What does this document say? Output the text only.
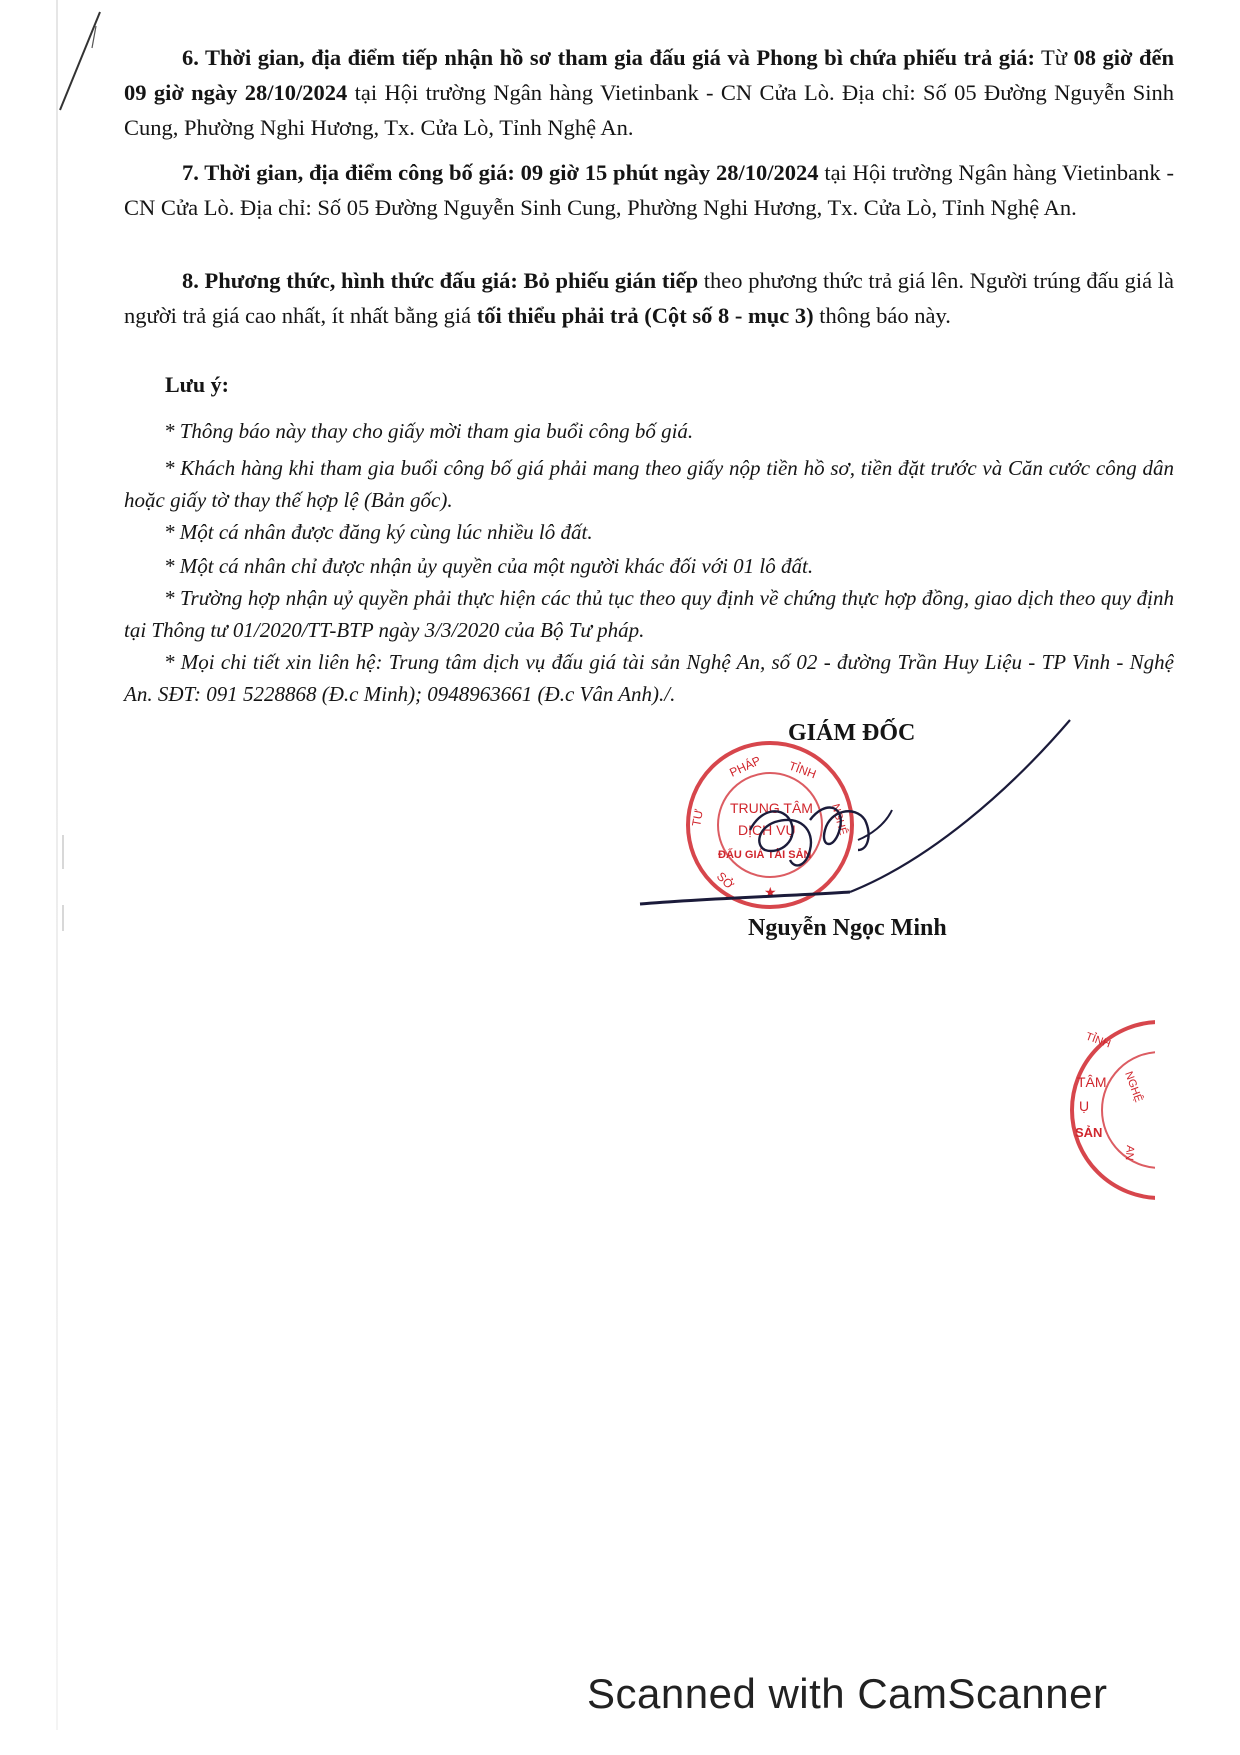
6. Thời gian, địa điểm tiếp nhận hồ sơ tham gia đấu giá và Phong bì chứa phiếu trả giá: Từ 08 giờ đến 09 giờ ngày 28/10/2024 tại Hội trường Ngân hàng Vietinbank - CN Cửa Lò. Địa chỉ: Số 05 Đường Nguyễn Sinh Cung, Phường Nghi Hương, Tx. Cửa Lò, Tỉnh Nghệ An.

7. Thời gian, địa điểm công bố giá: 09 giờ 15 phút ngày 28/10/2024 tại Hội trường Ngân hàng Vietinbank - CN Cửa Lò. Địa chỉ: Số 05 Đường Nguyễn Sinh Cung, Phường Nghi Hương, Tx. Cửa Lò, Tỉnh Nghệ An.

8. Phương thức, hình thức đấu giá: Bỏ phiếu gián tiếp theo phương thức trả giá lên. Người trúng đấu giá là người trả giá cao nhất, ít nhất bằng giá tối thiểu phải trả (Cột số 8 - mục 3) thông báo này.

Lưu ý:

* Thông báo này thay cho giấy mời tham gia buổi công bố giá.

* Khách hàng khi tham gia buổi công bố giá phải mang theo giấy nộp tiền hồ sơ, tiền đặt trước và Căn cước công dân hoặc giấy tờ thay thế hợp lệ (Bản gốc).

* Một cá nhân được đăng ký cùng lúc nhiều lô đất.

* Một cá nhân chỉ được nhận ủy quyền của một người khác đối với 01 lô đất.

* Trường hợp nhận uỷ quyền phải thực hiện các thủ tục theo quy định về chứng thực hợp đồng, giao dịch theo quy định tại Thông tư 01/2020/TT-BTP ngày 3/3/2020 của Bộ Tư pháp.

* Mọi chi tiết xin liên hệ: Trung tâm dịch vụ đấu giá tài sản Nghệ An, số 02 - đường Trần Huy Liệu - TP Vinh - Nghệ An. SĐT: 091 5228868 (Đ.c Minh); 0948963661 (Đ.c Vân Anh)./.

GIÁM ĐỐC
PHÁP TỈNH
TRUNG TÂM
DỊCH VỤ
ĐẤU GIÁ TÀI SẢN
TƯ
SỞ
NGHỆ
★
Nguyễn Ngọc Minh
TỈNH
TÂM
Ụ
SẢN
NGHỆ
AN
Scanned with CamScanner
